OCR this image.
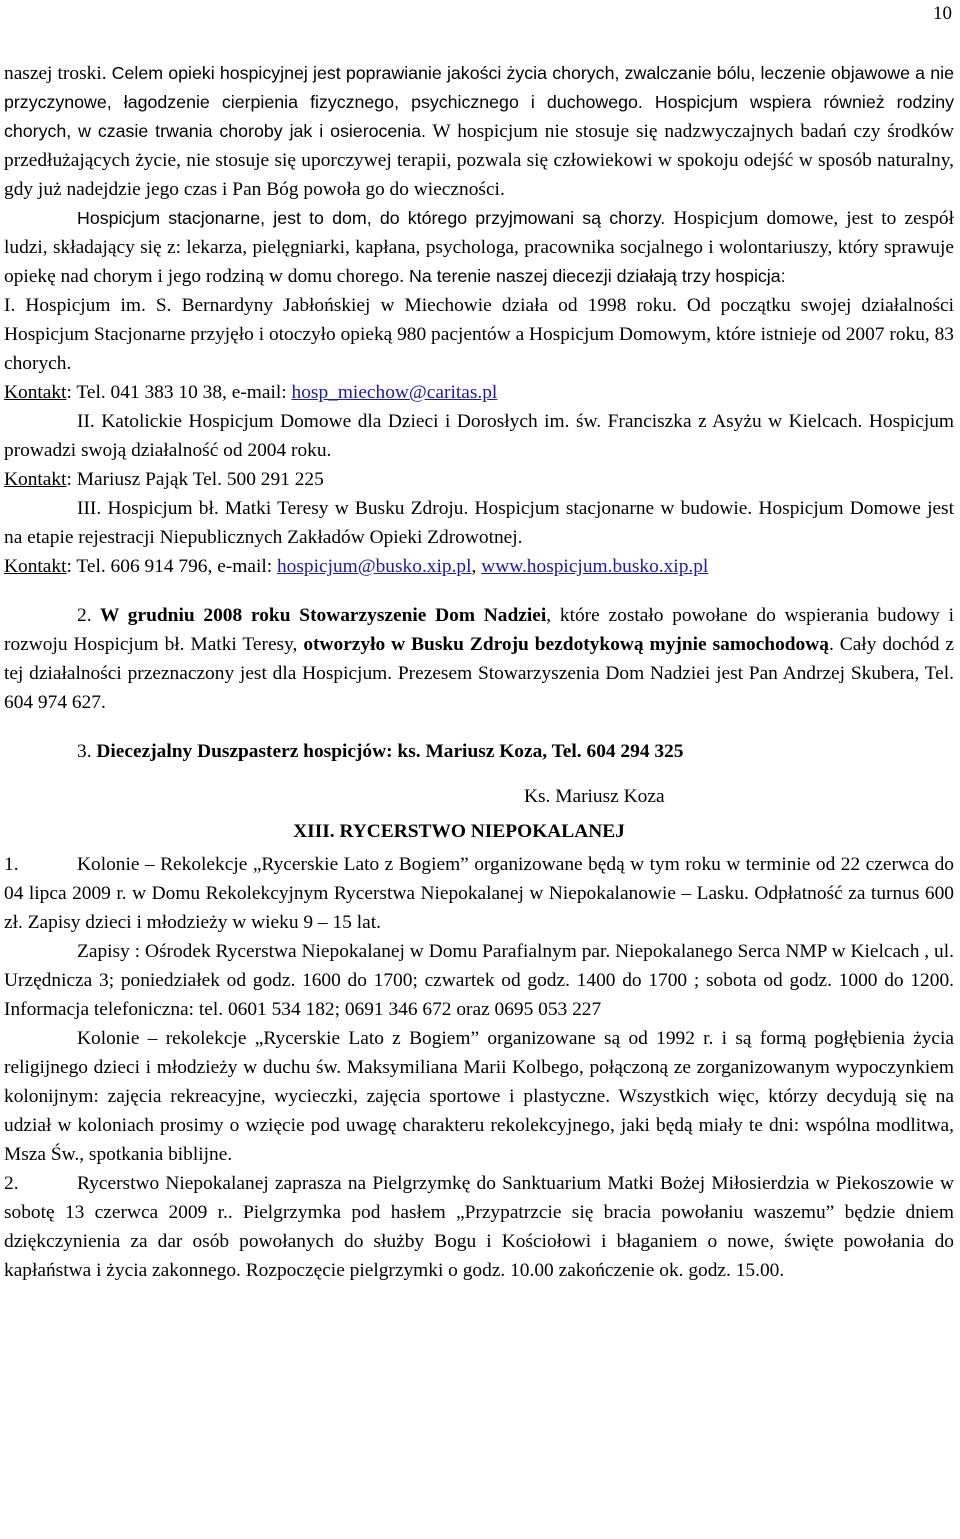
10

naszej troski. Celem opieki hospicyjnej jest poprawianie jakości życia chorych, zwalczanie bólu, leczenie objawowe a nie przyczynowe, łagodzenie cierpienia fizycznego, psychicznego i duchowego. Hospicjum wspiera również rodziny chorych, w czasie trwania choroby jak i osierocenia. W hospicjum nie stosuje się nadzwyczajnych badań czy środków przedłużających życie, nie stosuje się uporczywej terapii, pozwala się człowiekowi w spokoju odejść w sposób naturalny, gdy już nadejdzie jego czas i Pan Bóg powoła go do wieczności.

Hospicjum stacjonarne, jest to dom, do którego przyjmowani są chorzy. Hospicjum domowe, jest to zespół ludzi, składający się z: lekarza, pielęgniarki, kapłana, psychologa, pracownika socjalnego i wolontariuszy, który sprawuje opiekę nad chorym i jego rodziną w domu chorego. Na terenie naszej diecezji działają trzy hospicja:

I. Hospicjum im. S. Bernardyny Jabłońskiej w Miechowie działa od 1998 roku. Od początku swojej działalności Hospicjum Stacjonarne przyjęło i otoczyło opieką 980 pacjentów a Hospicjum Domowym, które istnieje od 2007 roku, 83 chorych.

Kontakt: Tel. 041 383 10 38, e-mail: hosp_miechow@caritas.pl

II. Katolickie Hospicjum Domowe dla Dzieci i Dorosłych im. św. Franciszka z Asyżu w Kielcach. Hospicjum prowadzi swoją działalność od 2004 roku.

Kontakt: Mariusz Pająk Tel. 500 291 225

III. Hospicjum bł. Matki Teresy w Busku Zdroju. Hospicjum stacjonarne w budowie. Hospicjum Domowe jest na etapie rejestracji Niepublicznych Zakładów Opieki Zdrowotnej.

Kontakt: Tel. 606 914 796, e-mail: hospicjum@busko.xip.pl, www.hospicjum.busko.xip.pl

2. W grudniu 2008 roku Stowarzyszenie Dom Nadziei, które zostało powołane do wspierania budowy i rozwoju Hospicjum bł. Matki Teresy, otworzyło w Busku Zdroju bezdotykową myjnie samochodową. Cały dochód z tej działalności przeznaczony jest dla Hospicjum. Prezesem Stowarzyszenia Dom Nadziei jest Pan Andrzej Skubera, Tel. 604 974 627.

3. Diecezjalny Duszpasterz hospicjów: ks. Mariusz Koza, Tel. 604 294 325

Ks. Mariusz Koza

XIII. RYCERSTWO NIEPOKALANEJ

1.	Kolonie – Rekolekcje „Rycerskie Lato z Bogiem” organizowane będą w tym roku w terminie od 22 czerwca do 04 lipca 2009 r. w Domu Rekolekcyjnym Rycerstwa Niepokalanej w Niepokalanowie – Lasku. Odpłatność za turnus 600 zł. Zapisy dzieci i młodzieży w wieku 9 – 15 lat.

Zapisy : Ośrodek Rycerstwa Niepokalanej w Domu Parafialnym par. Niepokalanego Serca NMP w Kielcach , ul. Urzędnicza 3; poniedziałek od godz. 1600 do 1700; czwartek od godz. 1400 do 1700 ; sobota od godz. 1000 do 1200. Informacja telefoniczna: tel. 0601 534 182; 0691 346 672 oraz 0695 053 227

Kolonie – rekolekcje „Rycerskie Lato z Bogiem” organizowane są od 1992 r. i są formą pogłębienia życia religijnego dzieci i młodzieży w duchu św. Maksymiliana Marii Kolbego, połączoną ze zorganizowanym wypoczynkiem kolonijnym: zajęcia rekreacyjne, wycieczki, zajęcia sportowe i plastyczne. Wszystkich więc, którzy decydują się na udział w koloniach prosimy o wzięcie pod uwagę charakteru rekolekcyjnego, jaki będą miały te dni: wspólna modlitwa, Msza Św., spotkania biblijne.

2.	Rycerstwo Niepokalanej zaprasza na Pielgrzymkę do Sanktuarium Matki Bożej Miłosierdzia w Piekoszowie w sobotę 13 czerwca 2009 r.. Pielgrzymka pod hasłem „Przypatrzcie się bracia powołaniu waszemu” będzie dniem dziękczynienia za dar osób powołanych do służby Bogu i Kościołowi i błaganiem o nowe, święte powołania do kapłaństwa i życia zakonnego. Rozpoczęcie pielgrzymki o godz. 10.00 zakończenie ok. godz. 15.00.
